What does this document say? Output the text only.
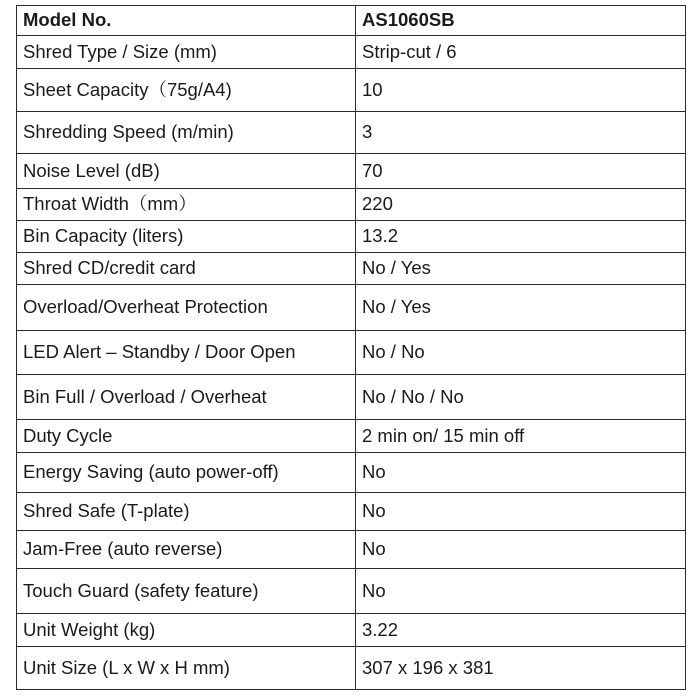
Model No.	AS1060SB
Shred Type / Size (mm)	Strip-cut / 6
Sheet Capacity（75g/A4)	10
Shredding Speed (m/min)	3
Noise Level (dB)	70
Throat Width（mm）	220
Bin Capacity (liters)	13.2
Shred CD/credit card	No / Yes
Overload/Overheat Protection	No / Yes
LED Alert – Standby / Door Open	No / No
Bin Full / Overload / Overheat	No / No / No
Duty Cycle	2 min on/ 15 min off
Energy Saving (auto power-off)	No
Shred Safe (T-plate)	No
Jam-Free (auto reverse)	No
Touch Guard (safety feature)	No
Unit Weight (kg)	3.22
Unit Size (L x W x H mm)	307 x 196 x 381
